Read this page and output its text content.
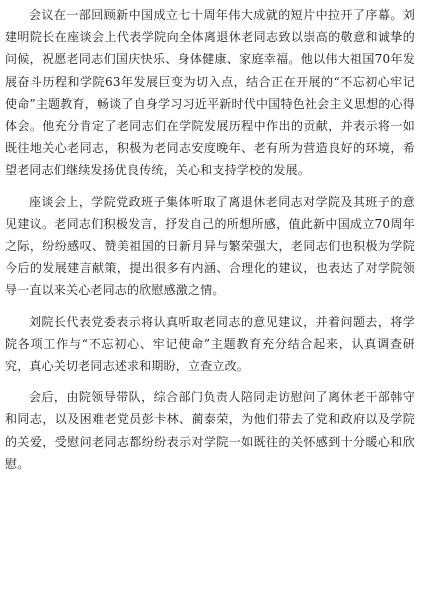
会议在一部回顾新中国成立七十周年伟大成就的短片中拉开了序幕。刘建明院长在座谈会上代表学院向全体离退休老同志致以崇高的敬意和诚挚的问候，祝愿老同志们国庆快乐、身体健康、家庭幸福。他以伟大祖国70年发展奋斗历程和学院63年发展巨变为切入点，结合正在开展的“不忘初心牢记使命”主题教育，畅谈了自身学习习近平新时代中国特色社会主义思想的心得体会。他充分肯定了老同志们在学院发展历程中作出的贡献，并表示将一如既往地关心老同志，积极为老同志安度晚年、老有所为营造良好的环境，希望老同志们继续发扬优良传统，关心和支持学校的发展。

座谈会上，学院党政班子集体听取了离退休老同志对学院及其班子的意见建议。老同志们积极发言，抒发自己的所想所感，值此新中国成立70周年之际，纷纷感叹、赞美祖国的日新月异与繁荣强大，老同志们也积极为学院今后的发展建言献策，提出很多有内涵、合理化的建议，也表达了对学院领导一直以来关心老同志的欣慰感激之情。

刘院长代表党委表示将认真听取老同志的意见建议，并着问题去，将学院各项工作与“不忘初心、牢记使命”主题教育充分结合起来，认真调查研究，真心关切老同志述求和期盼，立查立改。

会后，由院领导带队，综合部门负责人陪同走访慰问了离休老干部韩守和同志，以及困难老党员彭卡林、蔺泰荣，为他们带去了党和政府以及学院的关爱，受慰问老同志都纷纷表示对学院一如既往的关怀感到十分暖心和欣慰。
